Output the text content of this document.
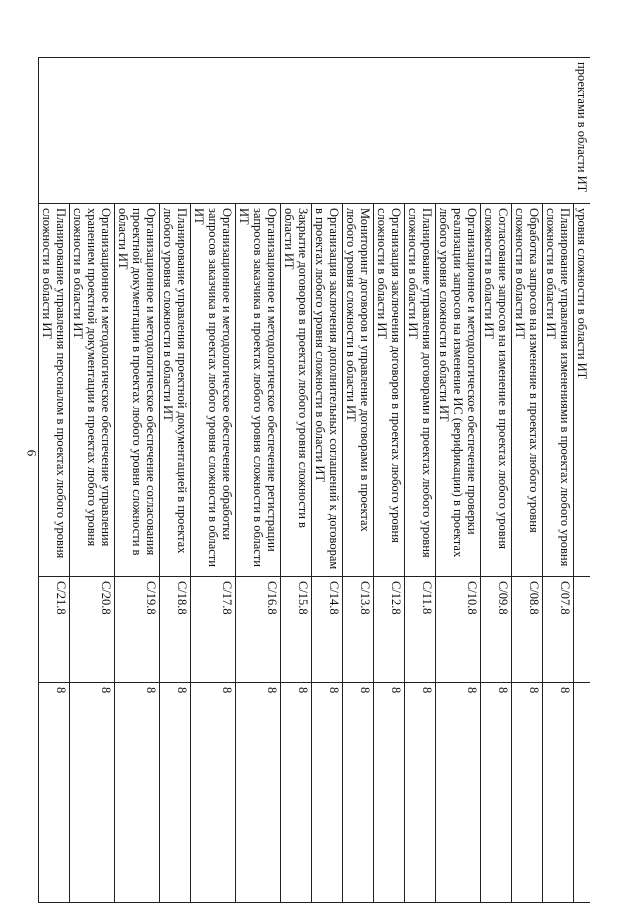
9
проектами в области ИТ	уровня сложности в области ИТ		
	Планирование управления изменениями в проектах любого уровня сложности в области ИТ	C/07.8	8
	Обработка запросов на изменение в проектах любого уровня сложности в области ИТ	C/08.8	8
	Согласование запросов на изменение в проектах любого уровня сложности в области ИТ	C/09.8	8
	Организационное и методологическое обеспечение проверки реализации запросов на изменение ИС (верификации) в проектах любого уровня сложности в области ИТ	C/10.8	8
	Планирование управления договорами в проектах любого уровня сложности в области ИТ	C/11.8	8
	Организация заключения договоров в проектах любого уровня сложности в области ИТ	C/12.8	8
	Мониторинг договоров и управление договорами в проектах любого уровня сложности в области ИТ	C/13.8	8
	Организация заключения дополнительных соглашений к договорам в проектах любого уровня сложности в области ИТ	C/14.8	8
	Закрытие договоров в проектах любого уровня сложности в области ИТ	C/15.8	8
	Организационное и методологическое обеспечение регистрации запросов заказчика в проектах любого уровня сложности в области ИТ	C/16.8	8
	Организационное и методологическое обеспечение обработки запросов заказчика в проектах любого уровня сложности в области ИТ	C/17.8	8
	Планирование управления проектной документацией в проектах любого уровня сложности в области ИТ	C/18.8	8
	Организационное и методологическое обеспечение согласования проектной документации в проектах любого уровня сложности в области ИТ	C/19.8	8
	Организационное и методологическое обеспечение управления хранением проектной документации в проектах любого уровня сложности в области ИТ	C/20.8	8
	Планирование управления персоналом в проектах любого уровня сложности в области ИТ	C/21.8	8
